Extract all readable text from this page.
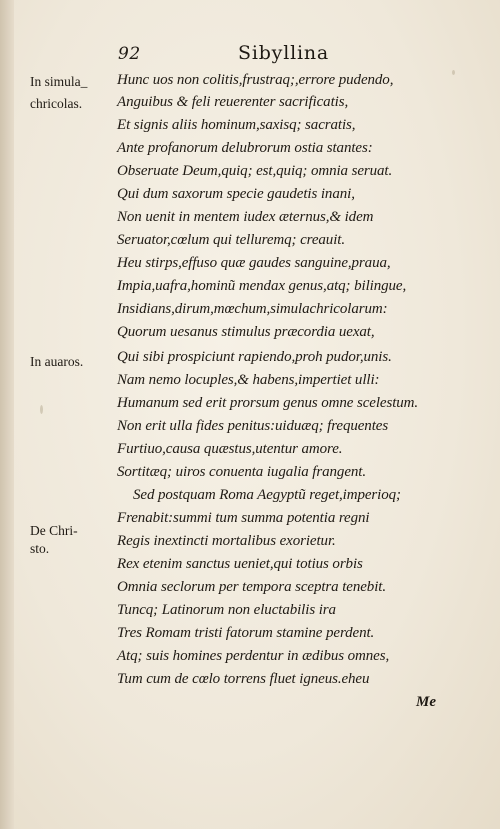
92	Sibyllina
In simula_
chricolas.
In auaros.
De Chri-
sto.
Hunc uos non colitis,frustraq;,errore pudendo,
Anguibus & feli reuerenter sacrificatis,
Et signis aliis hominum,saxisq; sacratis,
Ante profanorum delubrorum ostia stantes:
Obseruate Deum,quiq; est,quiq; omnia seruat.
Qui dum saxorum specie gaudetis inani,
Non uenit in mentem iudex æternus,& idem
Seruator,cœlum qui telluremq; creauit.
Heu stirps,effuso quæ gaudes sanguine,praua,
Impia,uafra,hominũ mendax genus,atq; bilingue,
Insidians,dirum,mœchum,simulachricolarum:
Quorum uesanus stimulus præcordia uexat,
Qui sibi prospiciunt rapiendo,proh pudor,unis.
Nam nemo locuples,& habens,impertiet ulli:
Humanum sed erit prorsum genus omne scelestum.
Non erit ulla fides penitus:uiduæq; frequentes
Furtiuo,causa quæstus,utentur amore.
Sortitæq; uiros conuenta iugalia frangent.
Sed postquam Roma Aegyptũ reget,imperioq;
Frenabit:summi tum summa potentia regni
Regis inextincti mortalibus exorietur.
Rex etenim sanctus ueniet,qui totius orbis
Omnia seclorum per tempora sceptra tenebit.
Tuncq; Latinorum non eluctabilis ira
Tres Romam tristi fatorum stamine perdent.
Atq; suis homines perdentur in ædibus omnes,
Tum cum de cœlo torrens fluet igneus.eheu
Me
